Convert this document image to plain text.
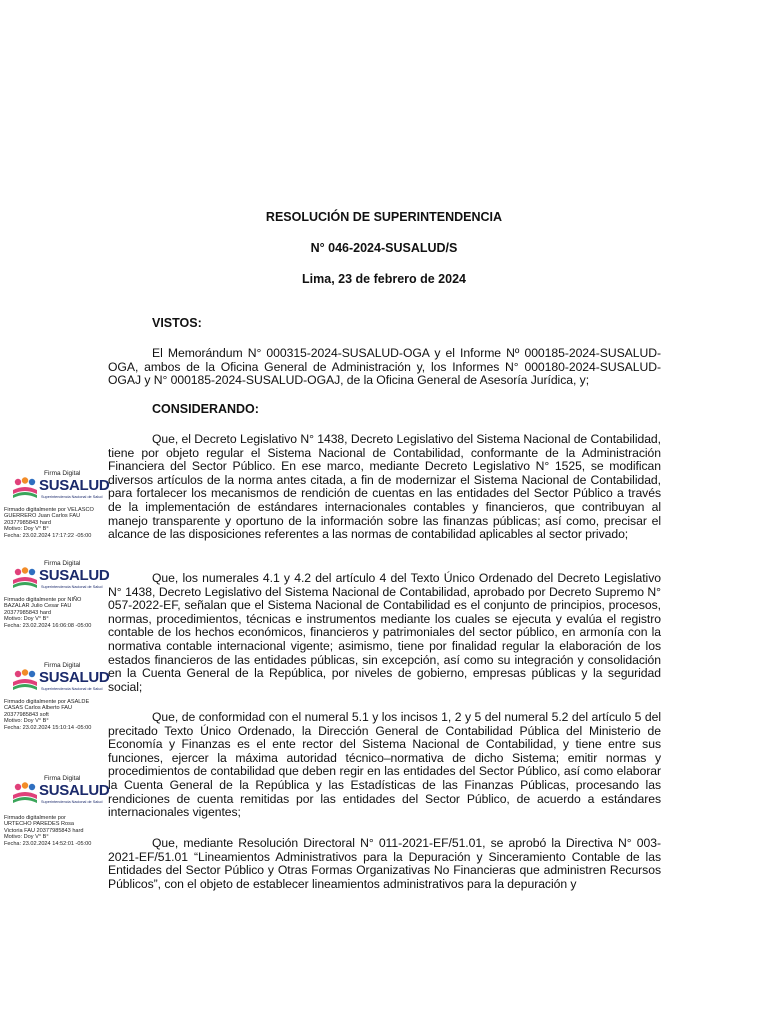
RESOLUCIÓN DE SUPERINTENDENCIA
N° 046-2024-SUSALUD/S
Lima, 23 de febrero de 2024
VISTOS:
El Memorándum N° 000315-2024-SUSALUD-OGA y el Informe Nº 000185-2024-SUSALUD-OGA, ambos de la Oficina General de Administración y, los Informes N° 000180-2024-SUSALUD-OGAJ y N° 000185-2024-SUSALUD-OGAJ, de la Oficina General de Asesoría Jurídica, y;
CONSIDERANDO:
Que, el Decreto Legislativo N° 1438, Decreto Legislativo del Sistema Nacional de Contabilidad, tiene por objeto regular el Sistema Nacional de Contabilidad, conformante de la Administración Financiera del Sector Público. En ese marco, mediante Decreto Legislativo N° 1525, se modifican diversos artículos de la norma antes citada, a fin de modernizar el Sistema Nacional de Contabilidad, para fortalecer los mecanismos de rendición de cuentas en las entidades del Sector Público a través de la implementación de estándares internacionales contables y financieros, que contribuyan al manejo transparente y oportuno de la información sobre las finanzas públicas; así como, precisar el alcance de las disposiciones referentes a las normas de contabilidad aplicables al sector privado;
Que, los numerales 4.1 y 4.2 del artículo 4 del Texto Único Ordenado del Decreto Legislativo N° 1438, Decreto Legislativo del Sistema Nacional de Contabilidad, aprobado por Decreto Supremo N° 057-2022-EF, señalan que el Sistema Nacional de Contabilidad es el conjunto de principios, procesos, normas, procedimientos, técnicas e instrumentos mediante los cuales se ejecuta y evalúa el registro contable de los hechos económicos, financieros y patrimoniales del sector público, en armonía con la normativa contable internacional vigente; asimismo, tiene por finalidad regular la elaboración de los estados financieros de las entidades públicas, sin excepción, así como su integración y consolidación en la Cuenta General de la República, por niveles de gobierno, empresas públicas y la seguridad social;
Que, de conformidad con el numeral 5.1 y los incisos 1, 2 y 5 del numeral 5.2 del artículo 5 del precitado Texto Único Ordenado, la Dirección General de Contabilidad Pública del Ministerio de Economía y Finanzas es el ente rector del Sistema Nacional de Contabilidad, y tiene entre sus funciones, ejercer la máxima autoridad técnico–normativa de dicho Sistema; emitir normas y procedimientos de contabilidad que deben regir en las entidades del Sector Público, así como elaborar la Cuenta General de la República y las Estadísticas de las Finanzas Públicas, procesando las rendiciones de cuenta remitidas por las entidades del Sector Público, de acuerdo a estándares internacionales vigentes;
Que, mediante Resolución Directoral N° 011-2021-EF/51.01, se aprobó la Directiva N° 003-2021-EF/51.01 “Lineamientos Administrativos para la Depuración y Sinceramiento Contable de las Entidades del Sector Público y Otras Formas Organizativas No Financieras que administren Recursos Públicos”, con el objeto de establecer lineamientos administrativos para la depuración y
Firma Digital
SUSALUD
Superintendencia Nacional de Salud
Firmado digitalmente por VELASCO
GUERRERO Juan Carlos FAU
20377985843 hard
Motivo: Doy V° B°
Fecha: 23.02.2024 17:17:22 -05:00
Firma Digital
SUSALUD
Superintendencia Nacional de Salud
Firmado digitalmente por NIÑO
BAZALAR Julio Cesar FAU
20377985843 hard
Motivo: Doy V° B°
Fecha: 23.02.2024 16:06:08 -05:00
Firma Digital
SUSALUD
Superintendencia Nacional de Salud
Firmado digitalmente por ASALDE
CASAS Carlos Alberto FAU
20377985843 soft
Motivo: Doy V° B°
Fecha: 23.02.2024 15:10:14 -05:00
Firma Digital
SUSALUD
Superintendencia Nacional de Salud
Firmado digitalmente por
URTECHO PAREDES Rosa
Victoria FAU 20377985843 hard
Motivo: Doy V° B°
Fecha: 23.02.2024 14:52:01 -05:00
